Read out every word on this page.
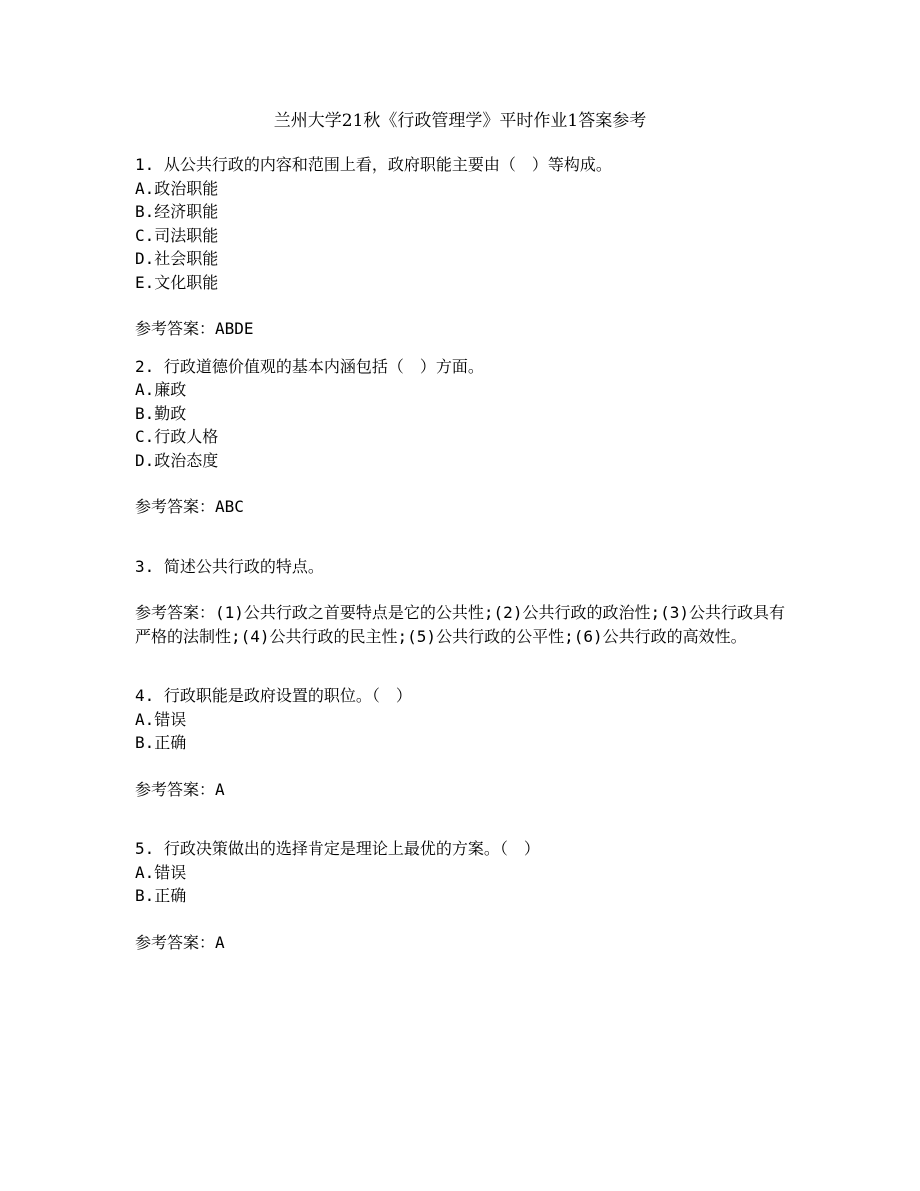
兰州大学21秋《行政管理学》平时作业1答案参考
1. 从公共行政的内容和范围上看，政府职能主要由（　）等构成。
A.政治职能
B.经济职能
C.司法职能
D.社会职能
E.文化职能
参考答案：ABDE
2. 行政道德价值观的基本内涵包括（　）方面。
A.廉政
B.勤政
C.行政人格
D.政治态度
参考答案：ABC
3. 简述公共行政的特点。
参考答案：(1)公共行政之首要特点是它的公共性;(2)公共行政的政治性;(3)公共行政具有严格的法制性;(4)公共行政的民主性;(5)公共行政的公平性;(6)公共行政的高效性。
4. 行政职能是政府设置的职位。（　）
A.错误
B.正确
参考答案：A
5. 行政决策做出的选择肯定是理论上最优的方案。（　）
A.错误
B.正确
参考答案：A
